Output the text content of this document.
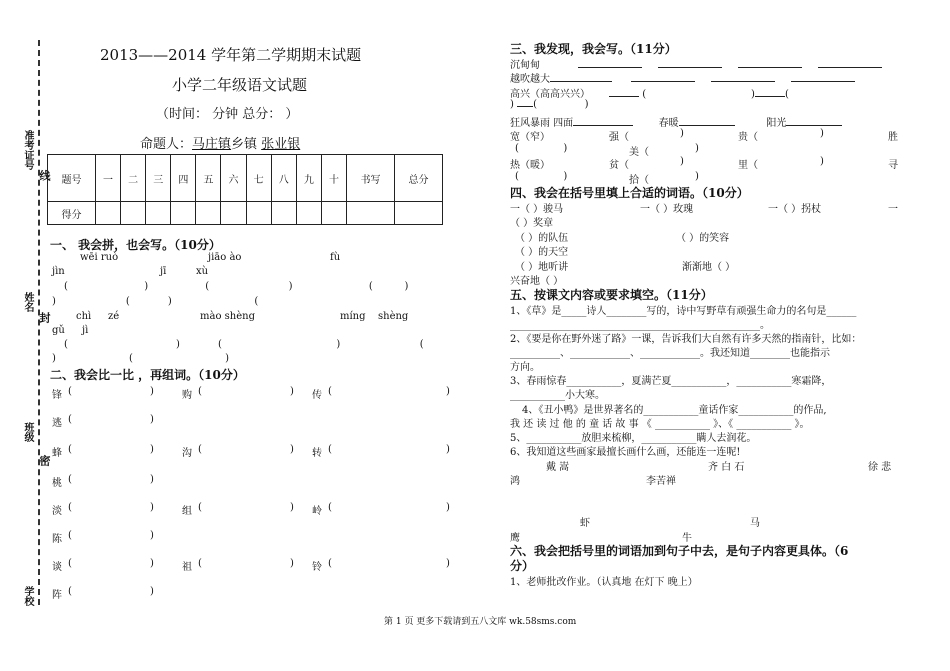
准考证号
线
姓名
封
班级
密
学校
2013——2014 学年第二学期期末试题
小学二年级语文试题
（时间： 分钟 总分： ）
命题人：马庄镇乡镇 张业银
题号	一	二	三	四	五	六	七	八	九	十	书写	总分
得分												
一、 我会拼，也会写。（10分）
wēi ruò	jiāo ào	fù
jìn	jī	xù
(                        )                  (                         )                        (          )
)                      (            )                          (
chì zé	mào shèng	míng shèng
gǔ jì
(                                  )            (                                    )                         (
)                       (                             )
二、我会比一比 ，再组词。（10分）
锋 (	)	购 (	) 传 (	)
逃 (	)
蜂 (	)	沟 (	) 转 (	)
桃 (	)
淡 (	)	组 (	) 岭 (	)
陈 (	)
谈 (	)	祖 (	) 铃 (	)
阵 (	)
三、我发现，我会写。（11分）
沉甸甸
越吹越大
高兴（高高兴兴）	(                                 )	(
) (               )
狂风暴雨 四面	春暖	阳光
宽（窄）	强（	)	贵（	)	胜
(              )	美（	)
热（暖）	贫（	)	里（	)	寻
(              )	拾（	)
四、我会在括号里填上合适的词语。（10分）
一（ ）骏马	一（ ）玫瑰	一（ ）拐杖	一
（ ）奖章
（ ）的队伍	（ ）的笑容
（ ）的天空
（ ）地听讲	渐渐地（ ）
兴奋地（ ）
五、按课文内容或要求填空。（11分）
1、《草》是_____诗人________写的，诗中写野草有顽强生命力的名句是______
__________________________________________________。
2、《要是你在野外迷了路》一课，告诉我们大自然有许多天然的指南针，比如：
__________、____________、____________。我还知道________也能指示
方向。
3、春雨惊春___________，夏满芒夏___________，___________寒霜降，
___________小大寒。
4、《丑小鸭》是世界著名的___________童话作家___________的作品,
我 还 读 过 他 的 童 话 故 事 《 ___________ 》、《 ___________ 》。
5、___________放胆来梳柳，___________瞒人去润花。
6、我知道这些画家最擅长画什么画，还能连一连呢!
戴 嵩	齐 白 石	徐 悲
鸿	李苦禅
虾	马
鹰	牛
六、我会把括号里的词语加到句子中去，是句子内容更具体。（6
分）
1、老师批改作业。（认真地 在灯下 晚上）
第 1 页 更多下载请到五八文库 wk.58sms.com
